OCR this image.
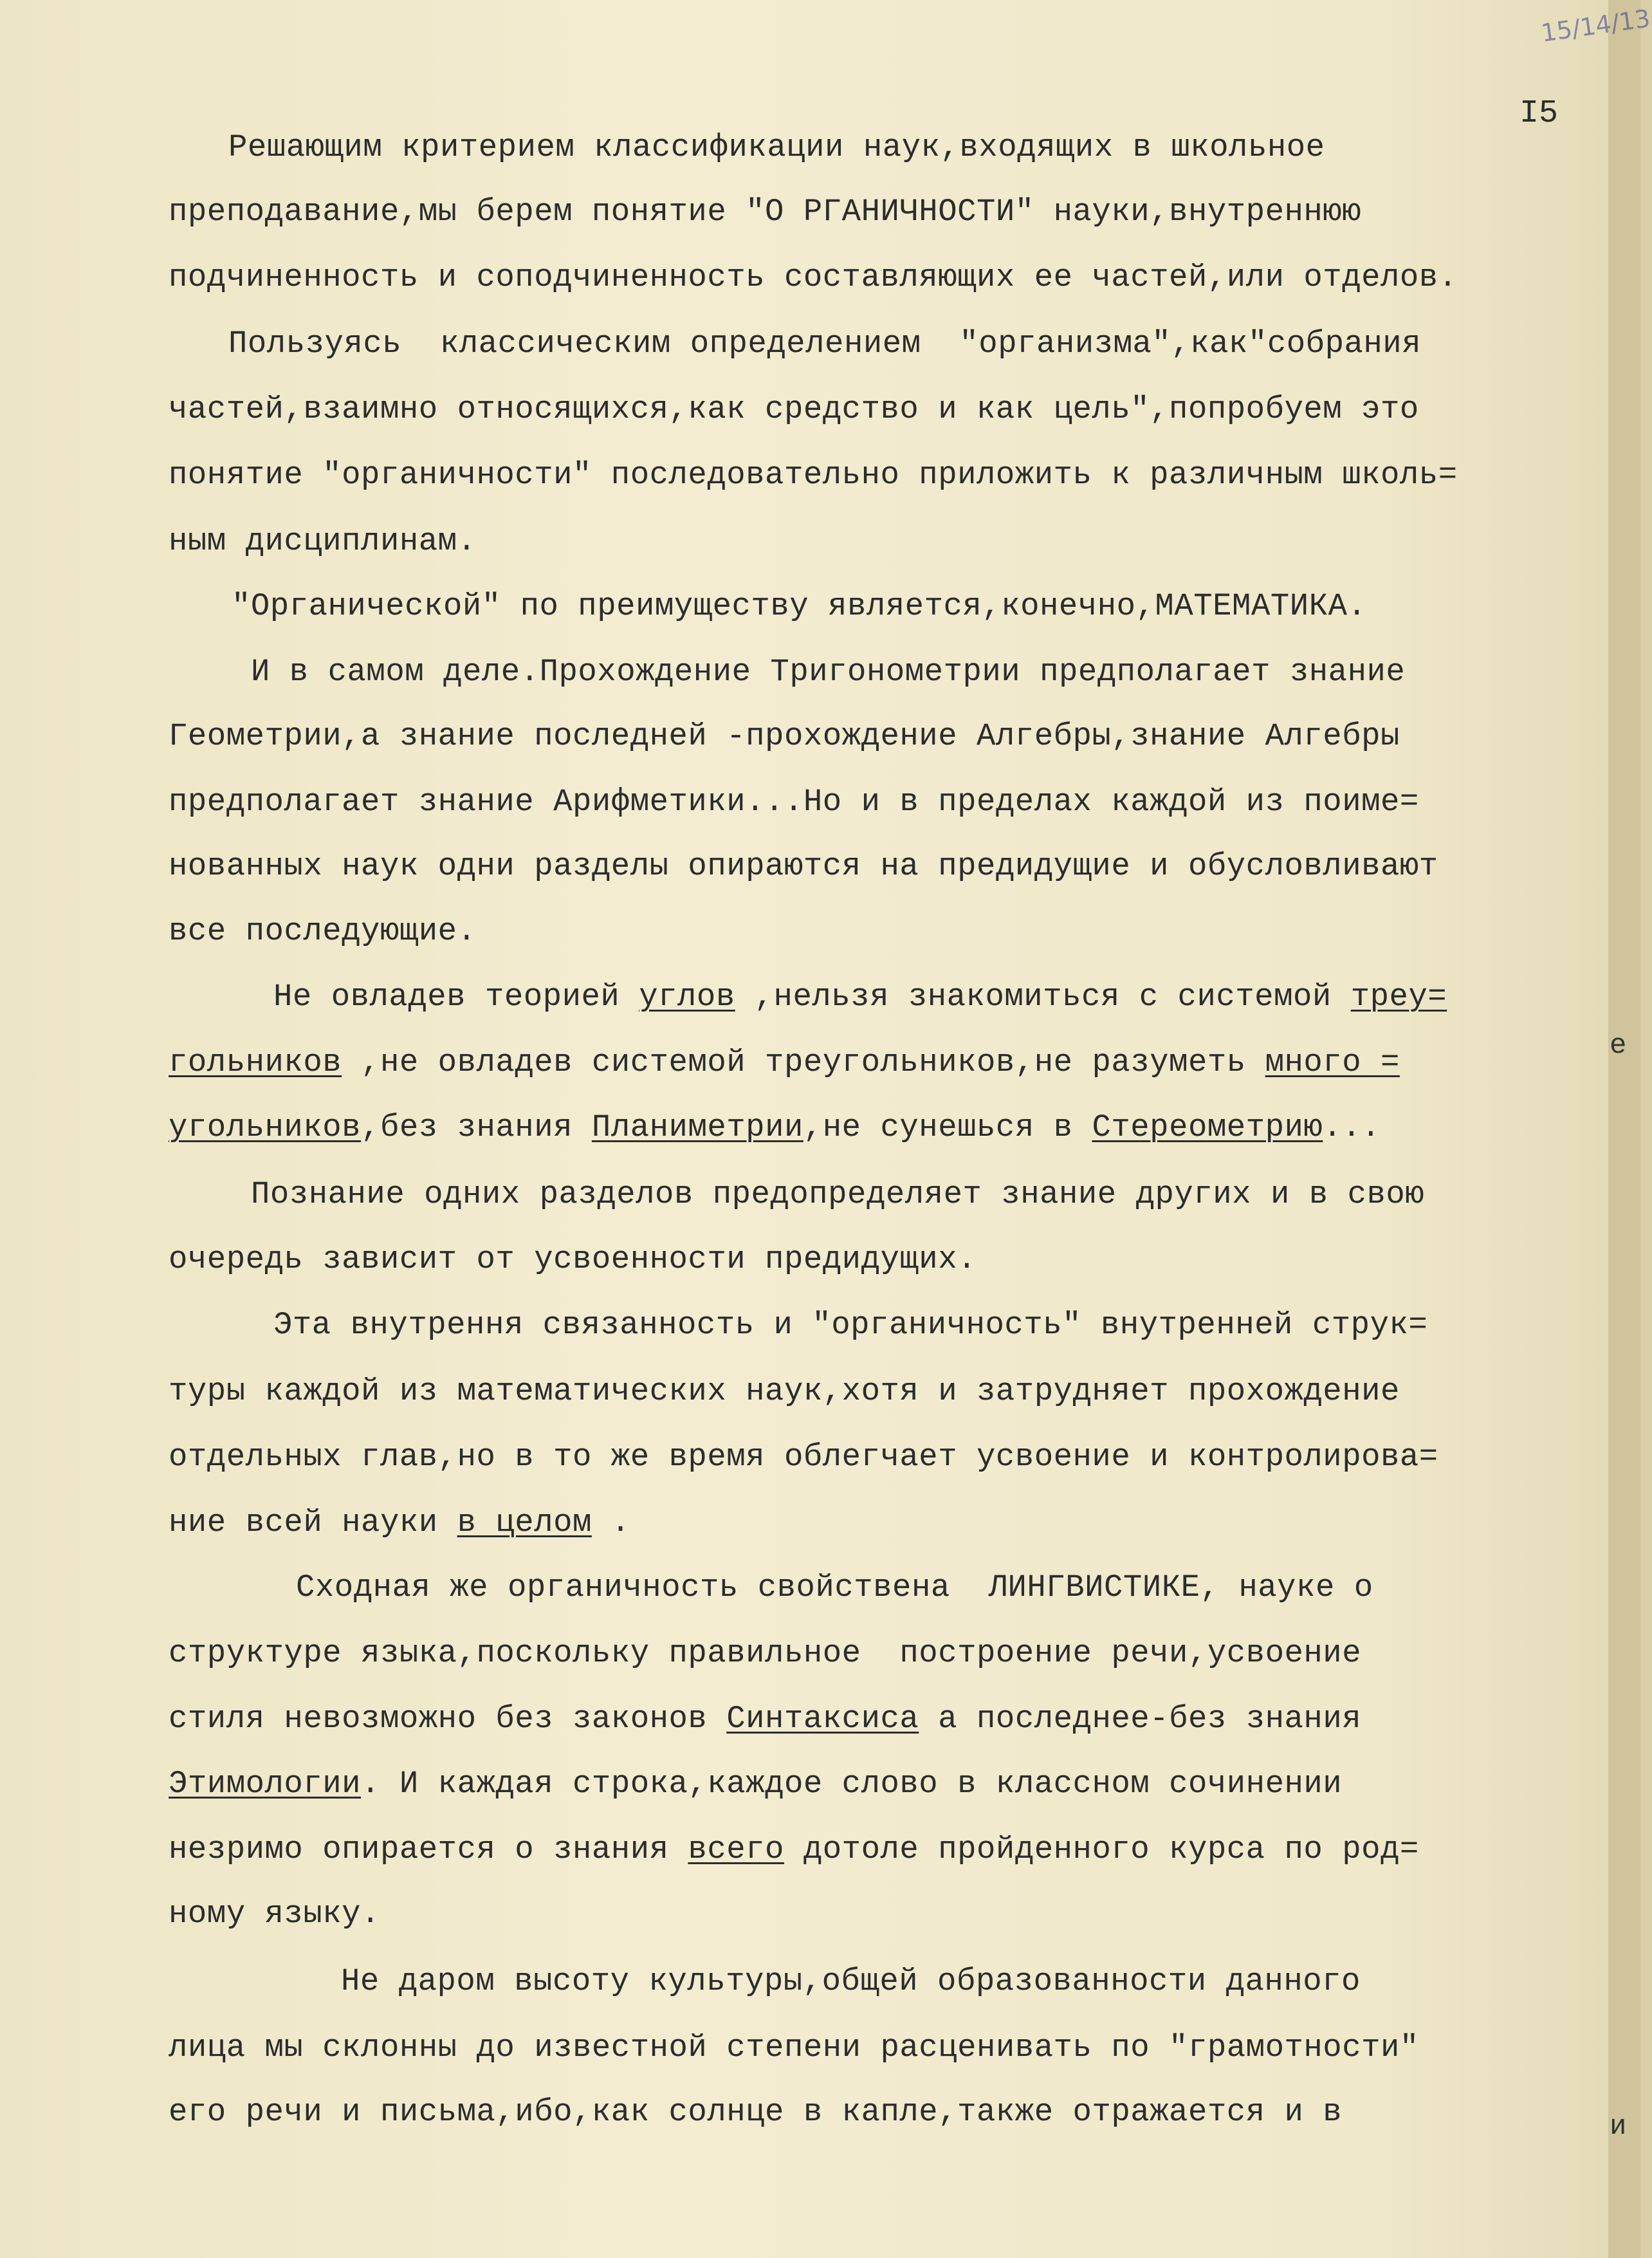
15/14/13
I5
е
и
Решающим критерием классификации наук,входящих в школьное
преподавание,мы берем понятие "О РГАНИЧНОСТИ" науки,внутреннюю
подчиненность и соподчиненность составляющих ее частей,или отделов.
Пользуясь  классическим определением  "организма",как"собрания
частей,взаимно относящихся,как средство и как цель",попробуем это
понятие "органичности" последовательно приложить к различным школь=
ным дисциплинам.
"Органической" по преимуществу является,конечно,МАТЕМАТИКА.
И в самом деле.Прохождение Тригонометрии предполагает знание
Геометрии,а знание последней -прохождение Алгебры,знание Алгебры
предполагает знание Арифметики...Но и в пределах каждой из поиме=
нованных наук одни разделы опираются на предидущие и обусловливают
все последующие.
Не овладев теорией углов ,нельзя знакомиться с системой треу=
гольников ,не овладев системой треугольников,не разуметь много =
угольников,без знания Планиметрии,не сунешься в Стереометрию...
Познание одних разделов предопределяет знание других и в свою
очередь зависит от усвоенности предидущих.
Эта внутрення связанность и "органичность" внутренней струк=
туры каждой из математических наук,хотя и затрудняет прохождение
отдельных глав,но в то же время облегчает усвоение и контролирова=
ние всей науки в целом .
Сходная же органичность свойствена  ЛИНГВИСТИКЕ, науке о
структуре языка,поскольку правильное  построение речи,усвоение
стиля невозможно без законов Синтаксиса а последнее-без знания
Этимологии. И каждая строка,каждое слово в классном сочинении
незримо опирается о знания всего дотоле пройденного курса по род=
ному языку.
Не даром высоту культуры,общей образованности данного
лица мы склонны до известной степени расценивать по "грамотности"
его речи и письма,ибо,как солнце в капле,также отражается и в
